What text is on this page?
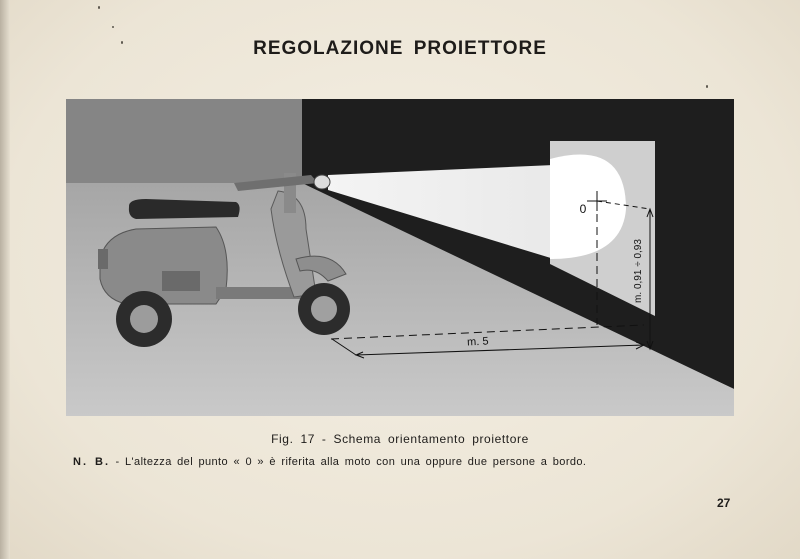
REGOLAZIONE PROIETTORE
0
m. 5
m. 0,91 ÷ 0,93
Fig. 17 - Schema orientamento proiettore
N. B. - L'altezza del punto « 0 » è riferita alla moto con una oppure due persone a bordo.
27
